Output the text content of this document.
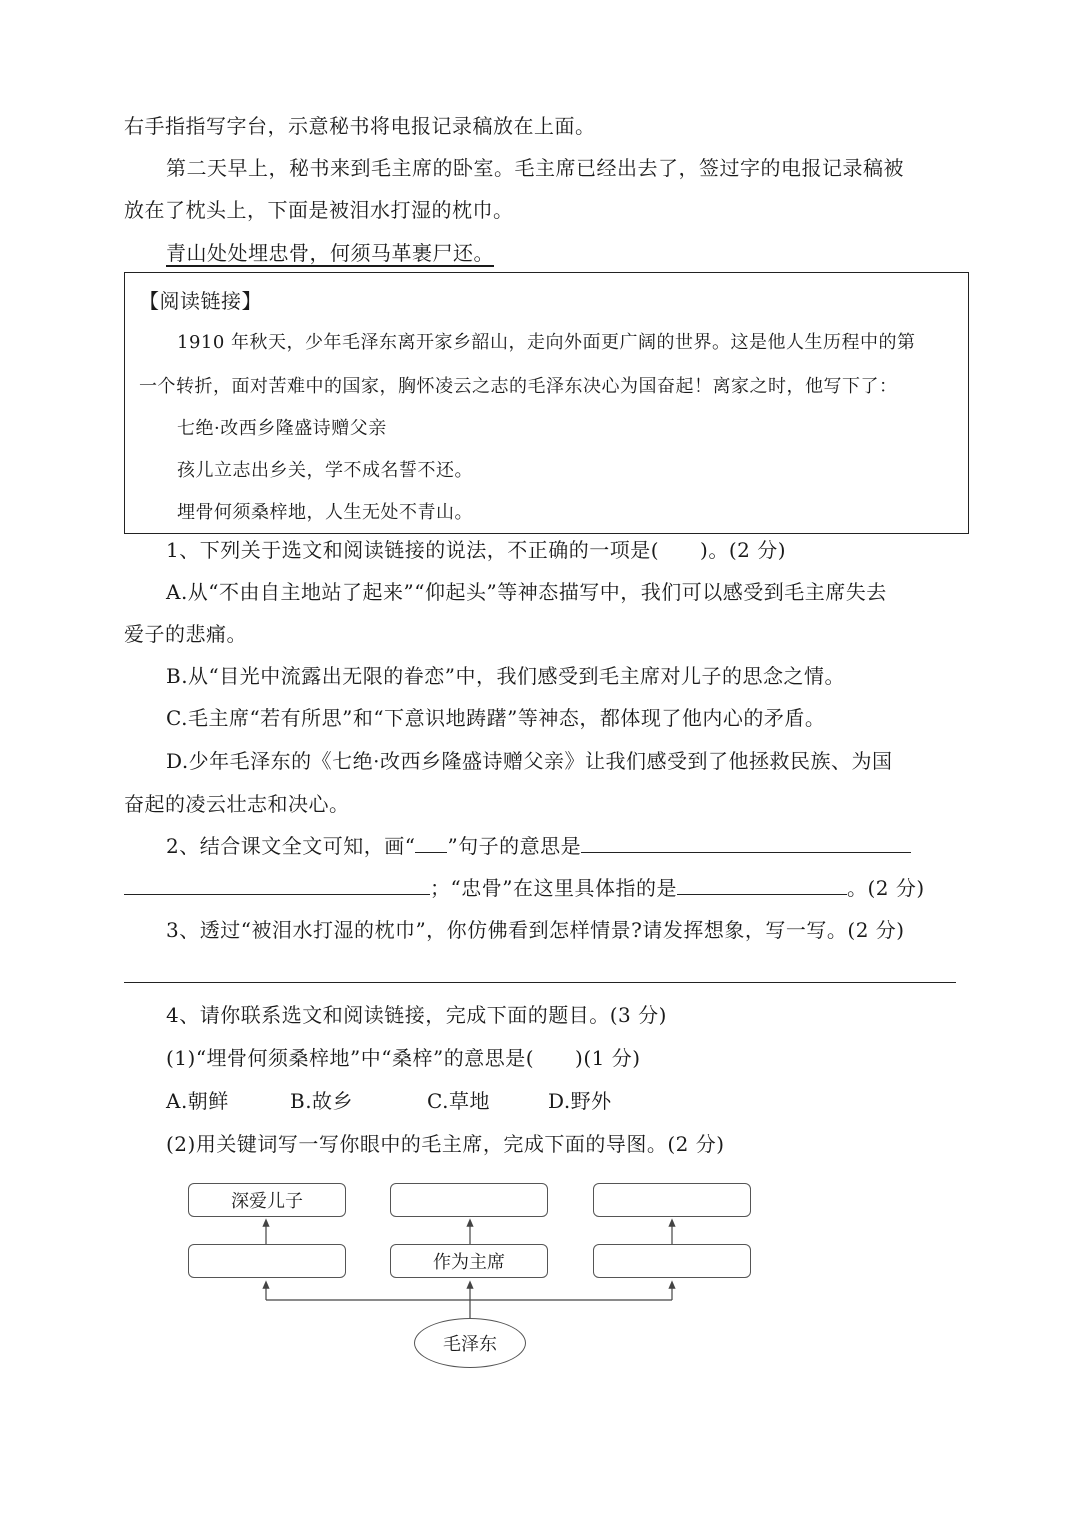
右手指指写字台，示意秘书将电报记录稿放在上面。
第二天早上，秘书来到毛主席的卧室。毛主席已经出去了，签过字的电报记录稿被
放在了枕头上，下面是被泪水打湿的枕巾。
青山处处埋忠骨，何须马革裹尸还。
【阅读链接】
1910 年秋天，少年毛泽东离开家乡韶山，走向外面更广阔的世界。这是他人生历程中的第
一个转折，面对苦难中的国家，胸怀凌云之志的毛泽东决心为国奋起！离家之时，他写下了：
七绝·改西乡隆盛诗赠父亲
孩儿立志出乡关，学不成名誓不还。
埋骨何须桑梓地，人生无处不青山。
1、下列关于选文和阅读链接的说法，不正确的一项是(　　)。(2 分)
A.从“不由自主地站了起来”“仰起头”等神态描写中，我们可以感受到毛主席失去
爱子的悲痛。
B.从“目光中流露出无限的眷恋”中，我们感受到毛主席对儿子的思念之情。
C.毛主席“若有所思”和“下意识地踌躇”等神态，都体现了他内心的矛盾。
D.少年毛泽东的《七绝·改西乡隆盛诗赠父亲》让我们感受到了他拯救民族、为国
奋起的凌云壮志和决心。
2、结合课文全文可知，画“ ”句子的意思是
；“忠骨”在这里具体指的是	。(2 分)
3、透过“被泪水打湿的枕巾”，你仿佛看到怎样情景?请发挥想象，写一写。(2 分)
4、请你联系选文和阅读链接，完成下面的题目。(3 分)
(1)“埋骨何须桑梓地”中“桑梓”的意思是(　　)(1 分)
A.朝鲜	B.故乡	C.草地	D.野外
(2)用关键词写一写你眼中的毛主席，完成下面的导图。(2 分)
深爱儿子
作为主席
毛泽东
